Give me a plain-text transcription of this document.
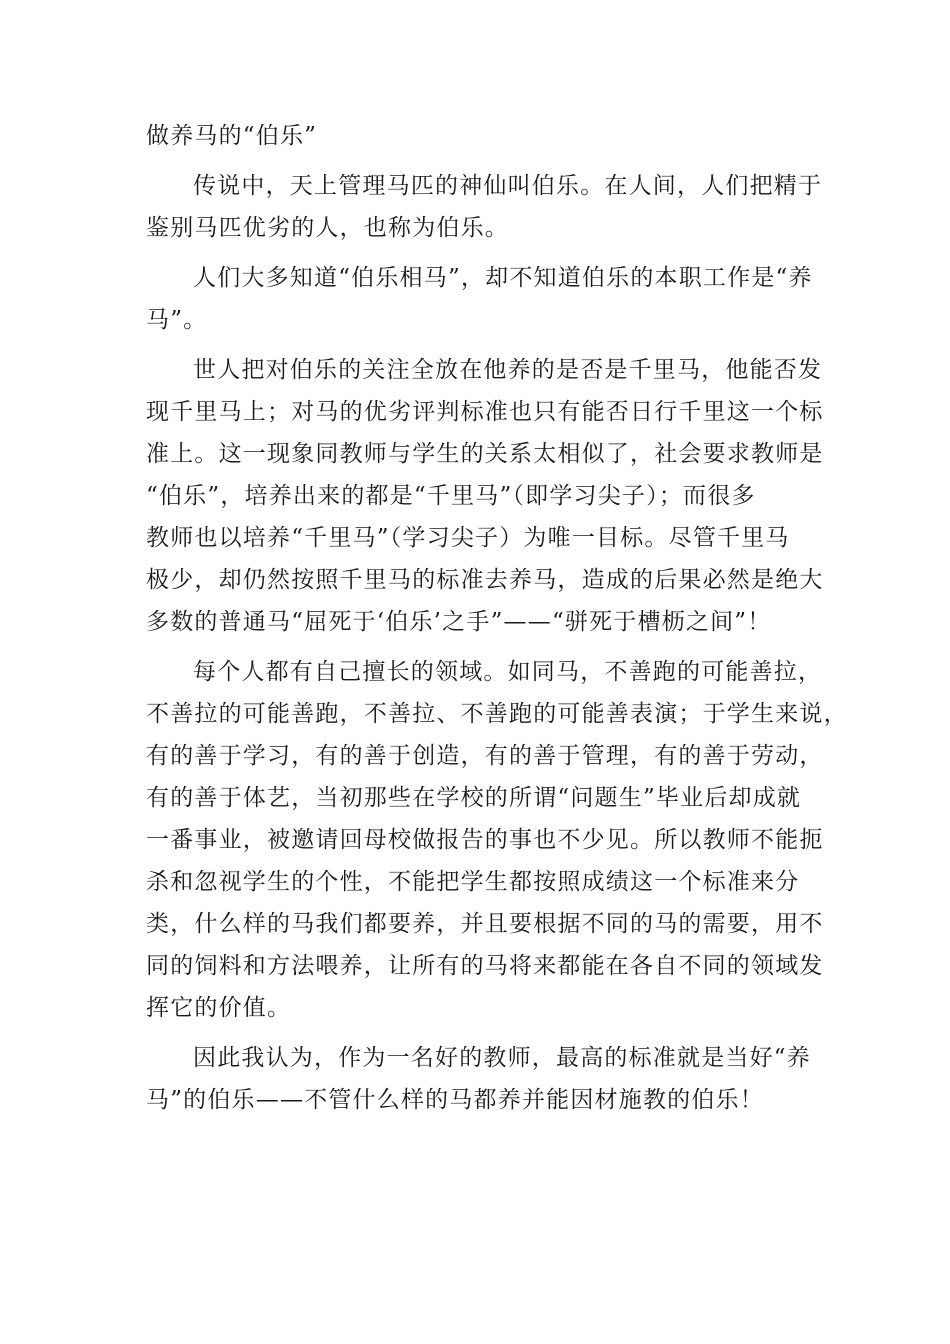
做养马的“伯乐”
传说中，天上管理马匹的神仙叫伯乐。在人间，人们把精于
鉴别马匹优劣的人，也称为伯乐。
人们大多知道“伯乐相马”，却不知道伯乐的本职工作是“养
马”。
世人把对伯乐的关注全放在他养的是否是千里马，他能否发
现千里马上；对马的优劣评判标准也只有能否日行千里这一个标
准上。这一现象同教师与学生的关系太相似了，社会要求教师是
“伯乐”，培养出来的都是“千里马”（即学习尖子）；而很多
教师也以培养“千里马”（学习尖子）为唯一目标。尽管千里马
极少，却仍然按照千里马的标准去养马，造成的后果必然是绝大
多数的普通马“屈死于‘伯乐’之手”——“骈死于槽枥之间”！
每个人都有自己擅长的领域。如同马，不善跑的可能善拉，
不善拉的可能善跑，不善拉、不善跑的可能善表演；于学生来说，
有的善于学习，有的善于创造，有的善于管理，有的善于劳动，
有的善于体艺，当初那些在学校的所谓“问题生”毕业后却成就
一番事业，被邀请回母校做报告的事也不少见。所以教师不能扼
杀和忽视学生的个性，不能把学生都按照成绩这一个标准来分
类，什么样的马我们都要养，并且要根据不同的马的需要，用不
同的饲料和方法喂养，让所有的马将来都能在各自不同的领域发
挥它的价值。
因此我认为，作为一名好的教师，最高的标准就是当好“养
马”的伯乐——不管什么样的马都养并能因材施教的伯乐！
